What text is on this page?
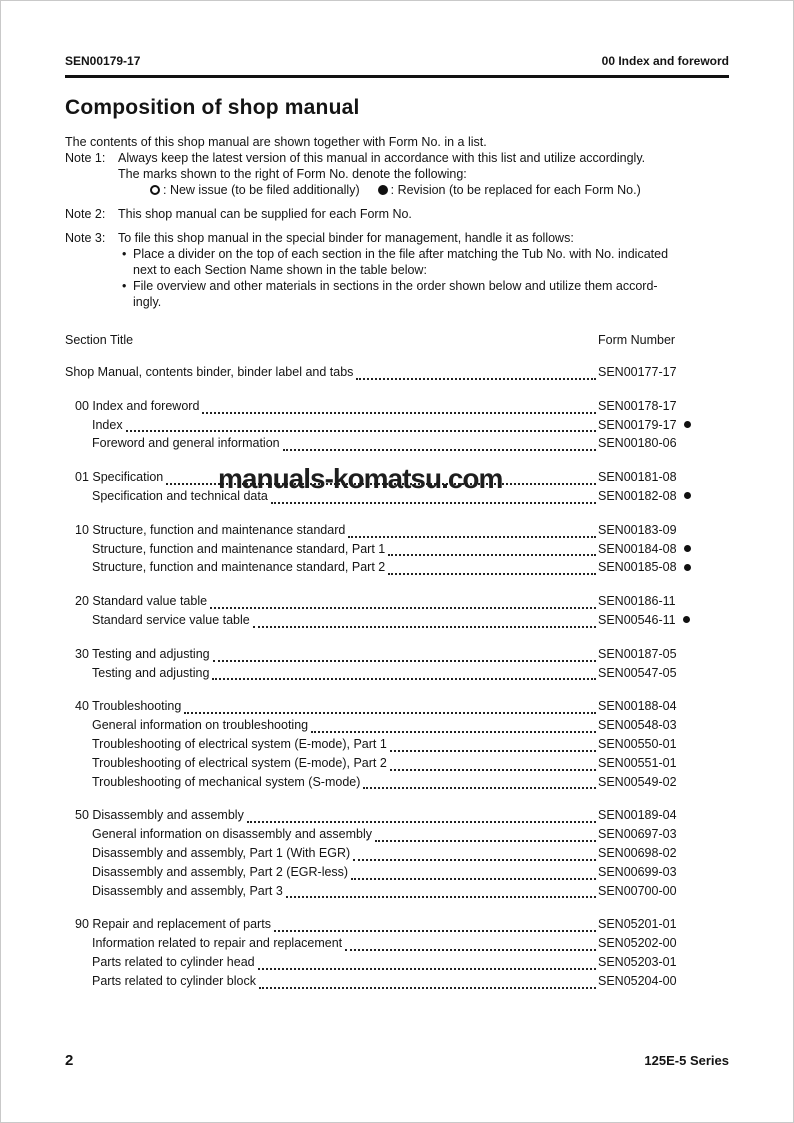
SEN00179-17	00 Index and foreword
Composition of shop manual
The contents of this shop manual are shown together with Form No. in a list.
Note 1:	Always keep the latest version of this manual in accordance with this list and utilize accordingly.
The marks shown to the right of Form No. denote the following:
: New issue (to be filed additionally) : Revision (to be replaced for each Form No.)
Note 2:	This shop manual can be supplied for each Form No.
Note 3:	To file this shop manual in the special binder for management, handle it as follows:
• Place a divider on the top of each section in the file after matching the Tub No. with No. indicated
next to each Section Name shown in the table below:
• File overview and other materials in sections in the order shown below and utilize them accord-
ingly.
Section Title	Form Number
Shop Manual, contents binder, binder label and tabs	SEN00177-17
00 Index and foreword	SEN00178-17
Index	SEN00179-17
Foreword and general information	SEN00180-06
01 Specification	SEN00181-08
Specification and technical data	SEN00182-08
10 Structure, function and maintenance standard	SEN00183-09
Structure, function and maintenance standard, Part 1	SEN00184-08
Structure, function and maintenance standard, Part 2	SEN00185-08
20 Standard value table	SEN00186-11
Standard service value table	SEN00546-11
30 Testing and adjusting	SEN00187-05
Testing and adjusting	SEN00547-05
40 Troubleshooting	SEN00188-04
General information on troubleshooting	SEN00548-03
Troubleshooting of electrical system (E-mode), Part 1	SEN00550-01
Troubleshooting of electrical system (E-mode), Part 2	SEN00551-01
Troubleshooting of mechanical system (S-mode)	SEN00549-02
50 Disassembly and assembly	SEN00189-04
General information on disassembly and assembly	SEN00697-03
Disassembly and assembly, Part 1 (With EGR)	SEN00698-02
Disassembly and assembly, Part 2 (EGR-less)	SEN00699-03
Disassembly and assembly, Part 3	SEN00700-00
90 Repair and replacement of parts	SEN05201-01
Information related to repair and replacement	SEN05202-00
Parts related to cylinder head	SEN05203-01
Parts related to cylinder block	SEN05204-00
manuals-komatsu.com
2	125E-5 Series
